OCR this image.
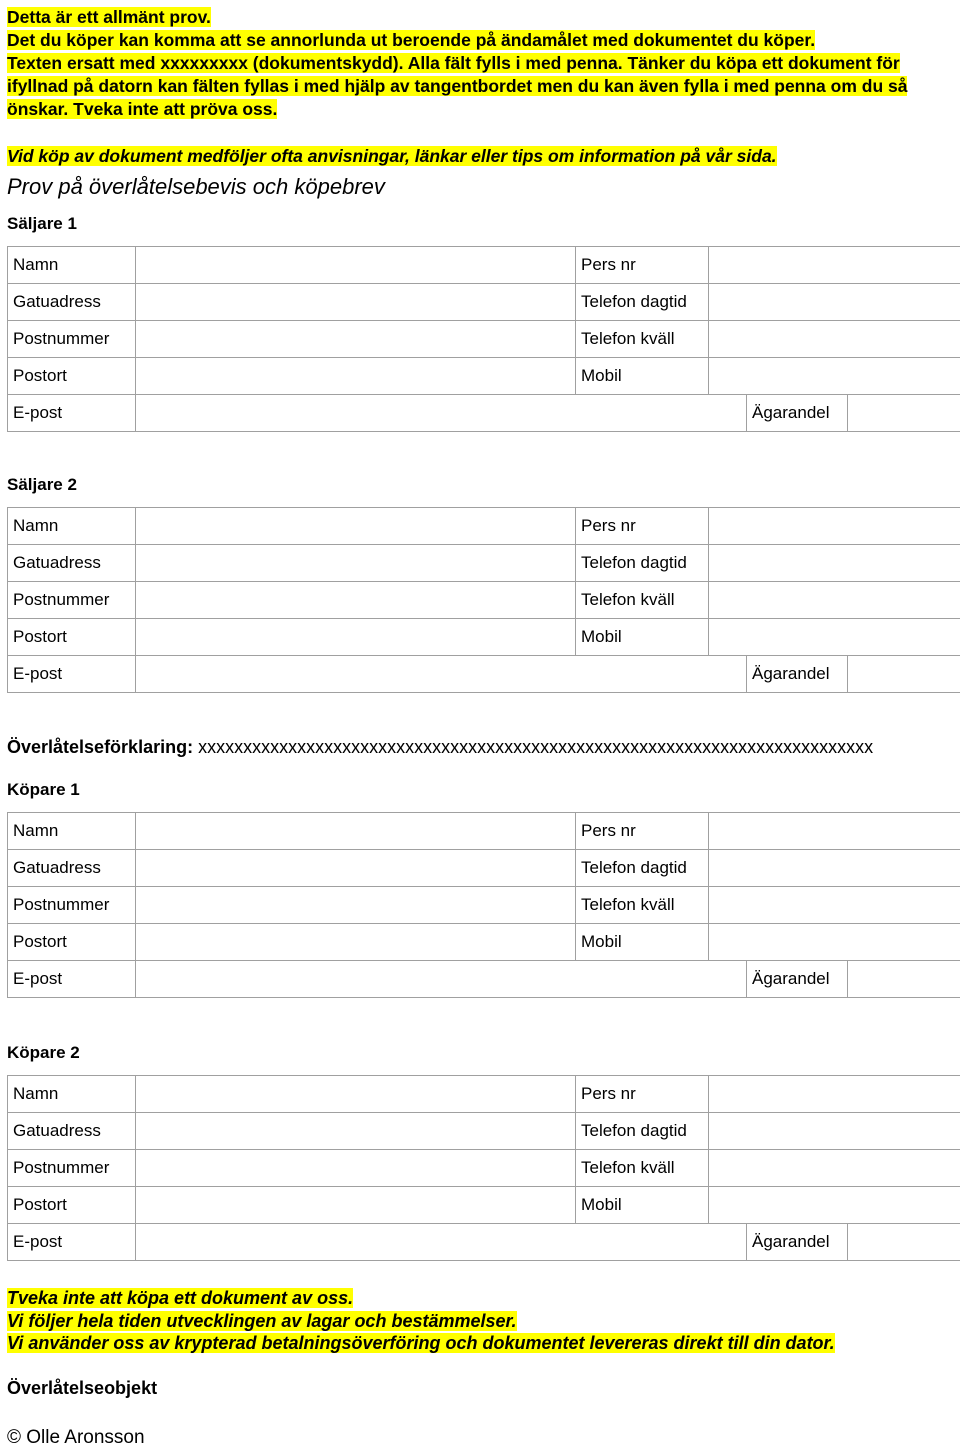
Detta är ett allmänt prov.
Det du köper kan komma att se annorlunda ut beroende på ändamålet med dokumentet du köper.
Texten ersatt med xxxxxxxxx (dokumentskydd). Alla fält fylls i med penna. Tänker du köpa ett dokument för ifyllnad på datorn kan fälten fyllas i med hjälp av tangentbordet men du kan även fylla i med penna om du så önskar. Tveka inte att pröva oss.
Vid köp av dokument medföljer ofta anvisningar, länkar eller tips om information på vår sida.
Prov på överlåtelsebevis och köpebrev
Säljare 1
Namn		Pers nr			
Gatuadress		Telefon dagtid			
Postnummer		Telefon kväll			
Postort		Mobil			
E-post				Ägarandel	
Säljare 2
Namn		Pers nr			
Gatuadress		Telefon dagtid			
Postnummer		Telefon kväll			
Postort		Mobil			
E-post				Ägarandel	
Överlåtelseförklaring: xxxxxxxxxxxxxxxxxxxxxxxxxxxxxxxxxxxxxxxxxxxxxxxxxxxxxxxxxxxxxxxxxxxxxxxxxxx
Köpare 1
Namn		Pers nr			
Gatuadress		Telefon dagtid			
Postnummer		Telefon kväll			
Postort		Mobil			
E-post				Ägarandel	
Köpare 2
Namn		Pers nr			
Gatuadress		Telefon dagtid			
Postnummer		Telefon kväll			
Postort		Mobil			
E-post				Ägarandel	
Tveka inte att köpa ett dokument av oss.
Vi följer hela tiden utvecklingen av lagar och bestämmelser.
Vi använder oss av krypterad betalningsöverföring och dokumentet levereras direkt till din dator.
Överlåtelseobjekt
© Olle Aronsson
